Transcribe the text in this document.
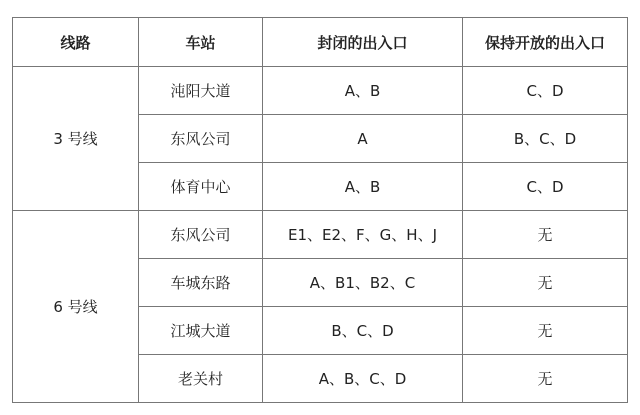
线路	车站	封闭的出入口	保持开放的出入口
3 号线	沌阳大道	A、B	C、D
	东风公司	A	B、C、D
	体育中心	A、B	C、D
6 号线	东风公司	E1、E2、F、G、H、J	无
	车城东路	A、B1、B2、C	无
	江城大道	B、C、D	无
	老关村	A、B、C、D	无
